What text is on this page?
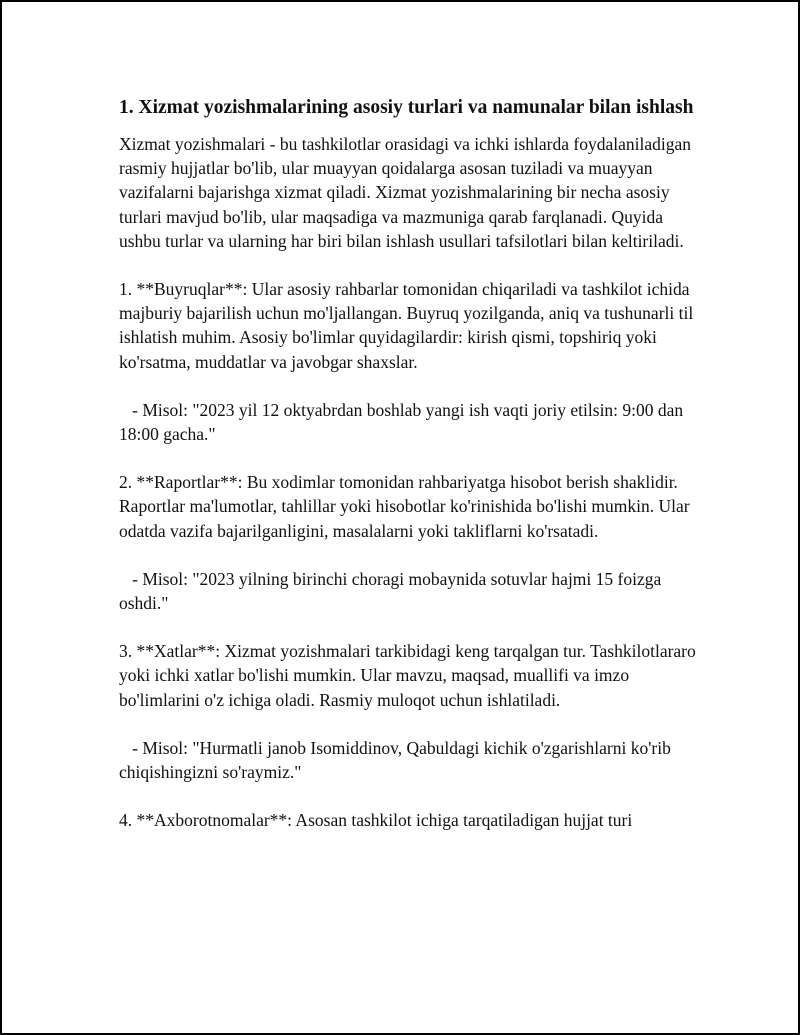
1. Xizmat yozishmalarining asosiy turlari va namunalar bilan ishlash

Xizmat yozishmalari - bu tashkilotlar orasidagi va ichki ishlarda foydalaniladigan rasmiy hujjatlar bo'lib, ular muayyan qoidalarga asosan tuziladi va muayyan vazifalarni bajarishga xizmat qiladi. Xizmat yozishmalarining bir necha asosiy turlari mavjud bo'lib, ular maqsadiga va mazmuniga qarab farqlanadi. Quyida ushbu turlar va ularning har biri bilan ishlash usullari tafsilotlari bilan keltiriladi.

1. **Buyruqlar**: Ular asosiy rahbarlar tomonidan chiqariladi va tashkilot ichida majburiy bajarilish uchun mo'ljallangan. Buyruq yozilganda, aniq va tushunarli til ishlatish muhim. Asosiy bo'limlar quyidagilardir: kirish qismi, topshiriq yoki ko'rsatma, muddatlar va javobgar shaxslar.

- Misol: "2023 yil 12 oktyabrdan boshlab yangi ish vaqti joriy etilsin: 9:00 dan 18:00 gacha."

2. **Raportlar**: Bu xodimlar tomonidan rahbariyatga hisobot berish shaklidir. Raportlar ma'lumotlar, tahlillar yoki hisobotlar ko'rinishida bo'lishi mumkin. Ular odatda vazifa bajarilganligini, masalalarni yoki takliflarni ko'rsatadi.

- Misol: "2023 yilning birinchi choragi mobaynida sotuvlar hajmi 15 foizga oshdi."

3. **Xatlar**: Xizmat yozishmalari tarkibidagi keng tarqalgan tur. Tashkilotlararo yoki ichki xatlar bo'lishi mumkin. Ular mavzu, maqsad, muallifi va imzo bo'limlarini o'z ichiga oladi. Rasmiy muloqot uchun ishlatiladi.

- Misol: "Hurmatli janob Isomiddinov, Qabuldagi kichik o'zgarishlarni ko'rib chiqishingizni so'raymiz."

4. **Axborotnomalar**: Asosan tashkilot ichiga tarqatiladigan hujjat turi
